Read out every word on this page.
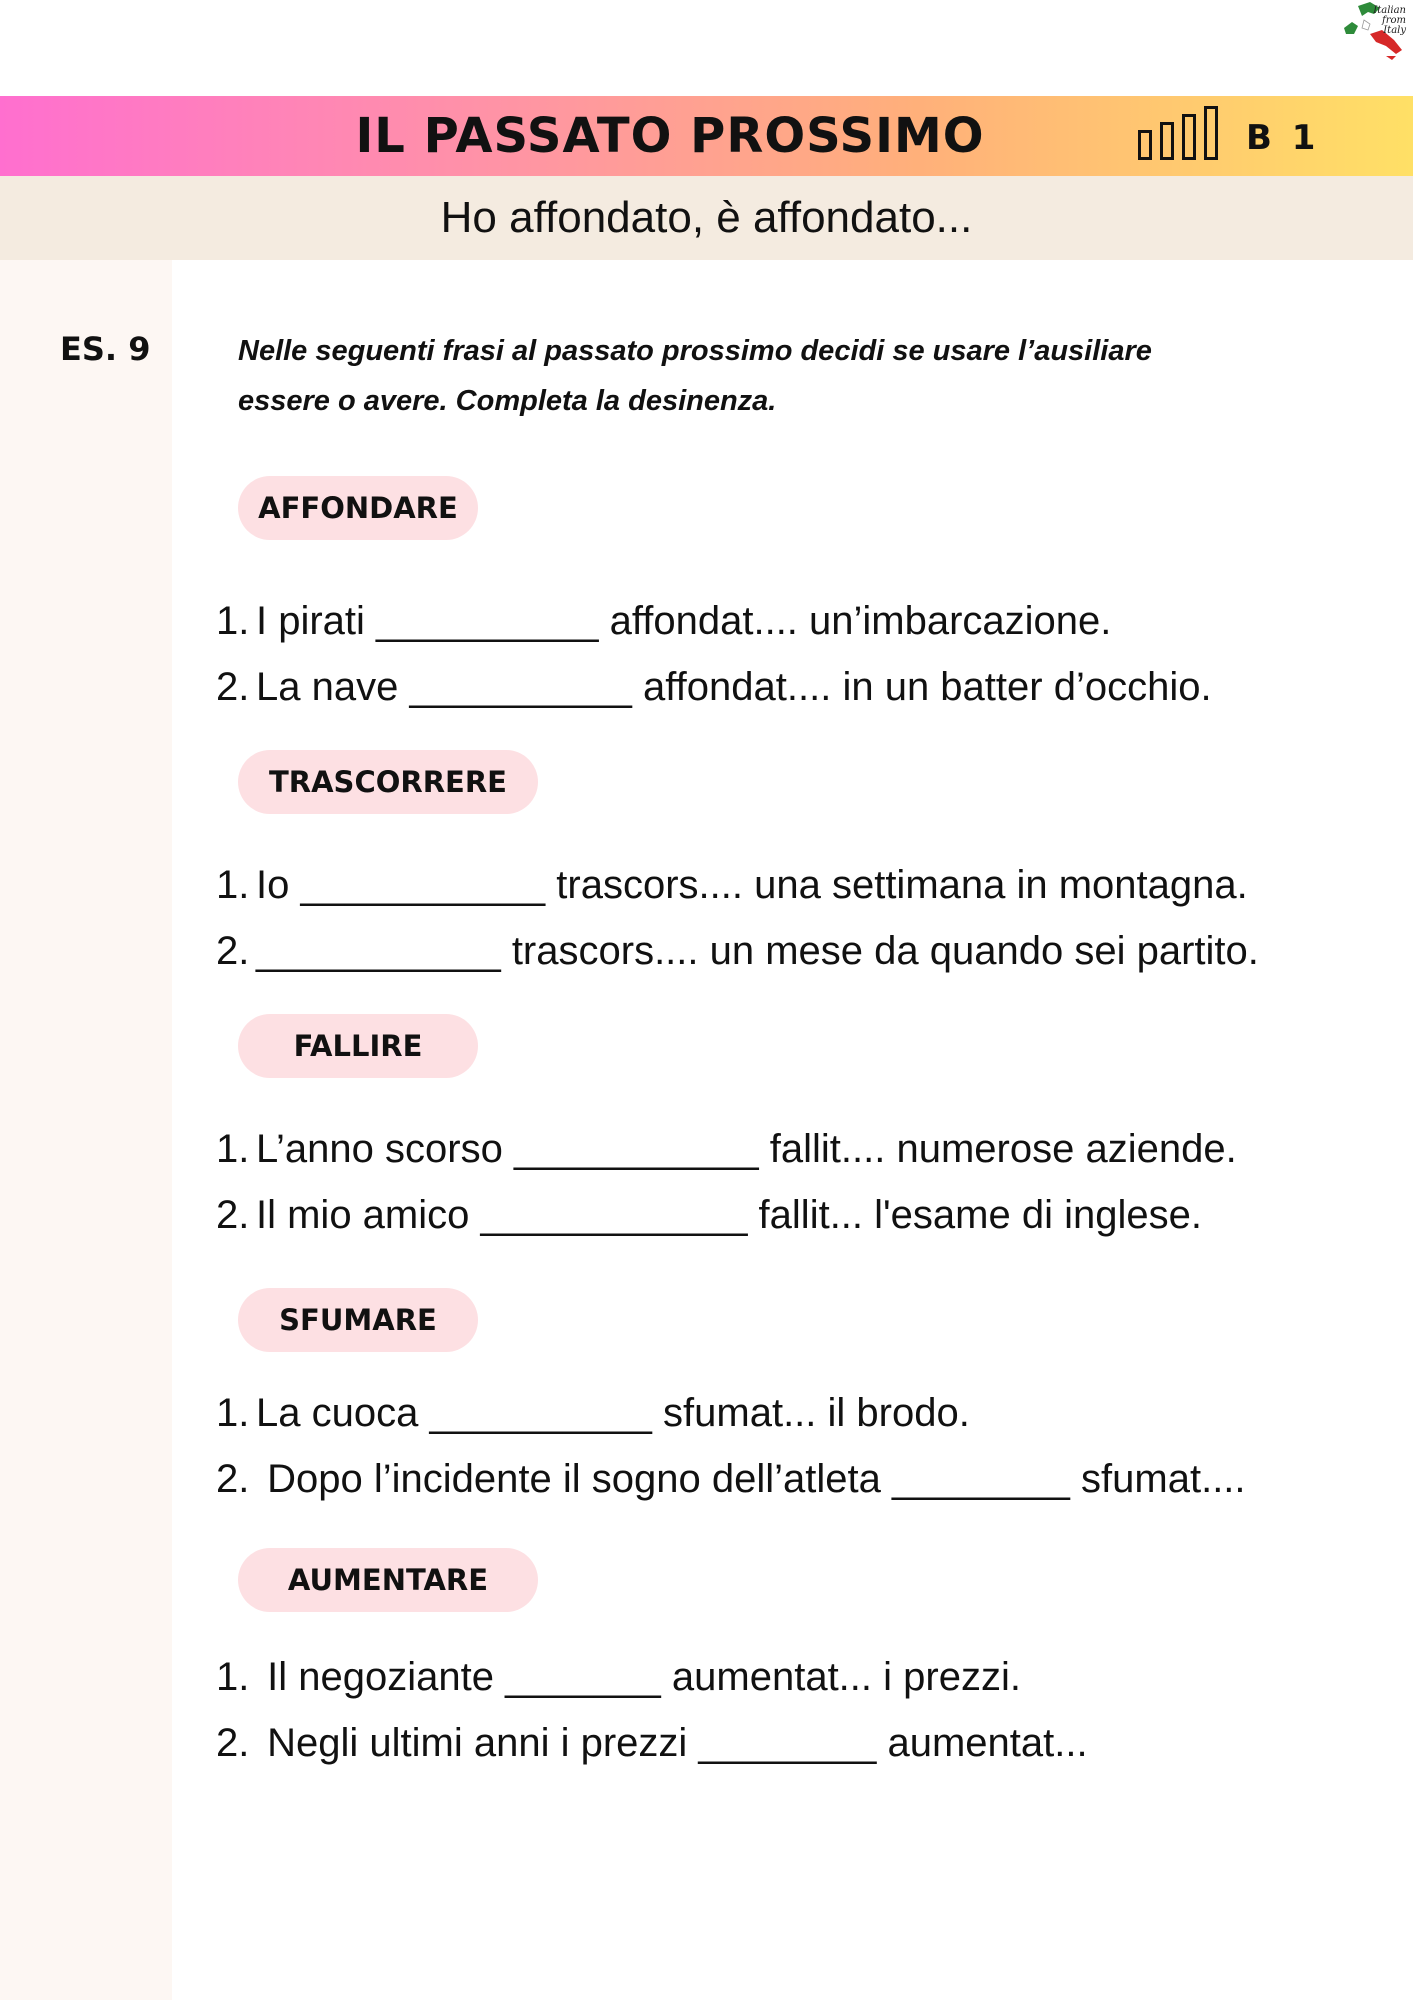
Italian
from
Italy
IL PASSATO PROSSIMO	B 1
Ho affondato, è affondato...
ES. 9	Nelle seguenti frasi al passato prossimo decidi se usare l’ausiliare
essere o avere. Completa la desinenza.
AFFONDARE
1. I pirati __________ affondat.... un’imbarcazione.
2. La nave __________ affondat.... in un batter d’occhio.
TRASCORRERE
1. Io ___________ trascors.... una settimana in montagna.
2. ___________ trascors.... un mese da quando sei partito.
FALLIRE
1. L’anno scorso ___________ fallit.... numerose aziende.
2. Il mio amico ____________ fallit... l'esame di inglese.
SFUMARE
1. La cuoca __________ sfumat... il brodo.
2. Dopo l’incidente il sogno dell’atleta ________ sfumat....
AUMENTARE
1. Il negoziante _______ aumentat... i prezzi.
2. Negli ultimi anni i prezzi ________ aumentat...
